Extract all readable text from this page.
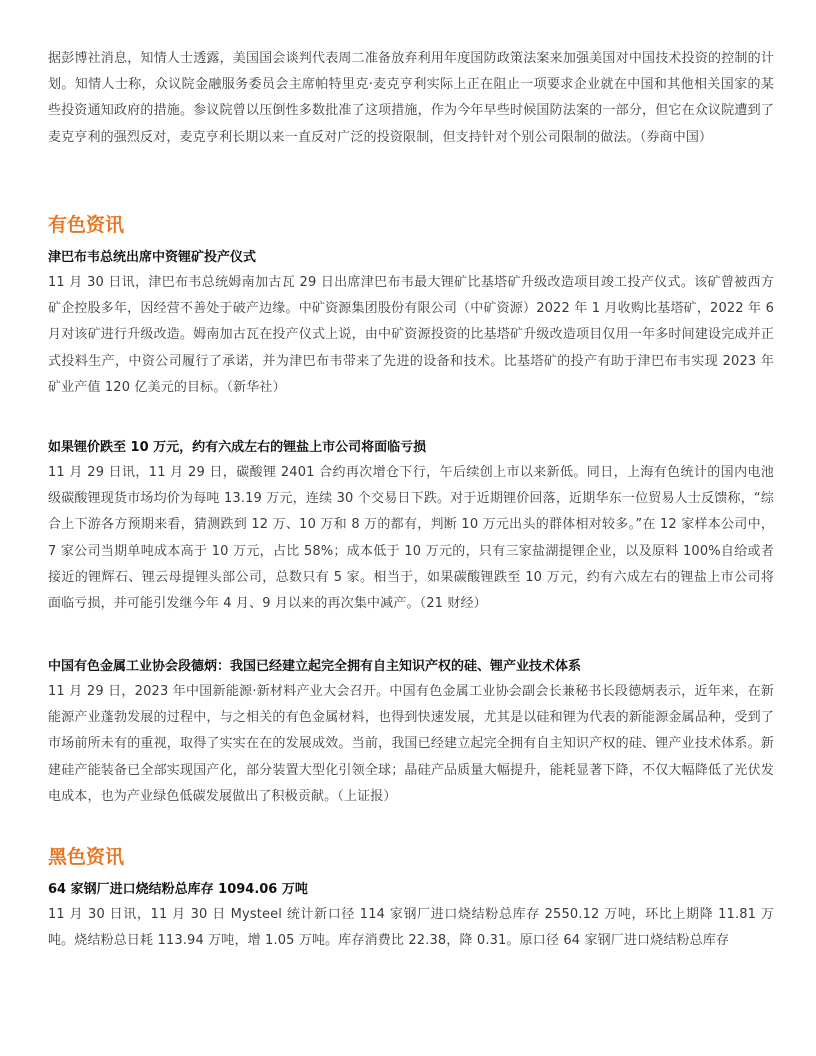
据彭博社消息，知情人士透露，美国国会谈判代表周二准备放弃利用年度国防政策法案来加强美国对中国技术投资的控制的计划。知情人士称，众议院金融服务委员会主席帕特里克·麦克亨利实际上正在阻止一项要求企业就在中国和其他相关国家的某些投资通知政府的措施。参议院曾以压倒性多数批准了这项措施，作为今年早些时候国防法案的一部分，但它在众议院遭到了麦克亨利的强烈反对，麦克亨利长期以来一直反对广泛的投资限制，但支持针对个别公司限制的做法。（券商中国）

有色资讯
津巴布韦总统出席中资锂矿投产仪式

11 月 30 日讯，津巴布韦总统姆南加古瓦 29 日出席津巴布韦最大锂矿比基塔矿升级改造项目竣工投产仪式。该矿曾被西方矿企控股多年，因经营不善处于破产边缘。中矿资源集团股份有限公司（中矿资源）2022 年 1 月收购比基塔矿，2022 年 6 月对该矿进行升级改造。姆南加古瓦在投产仪式上说，由中矿资源投资的比基塔矿升级改造项目仅用一年多时间建设完成并正式投料生产，中资公司履行了承诺，并为津巴布韦带来了先进的设备和技术。比基塔矿的投产有助于津巴布韦实现 2023 年矿业产值 120 亿美元的目标。（新华社）

如果锂价跌至 10 万元，约有六成左右的锂盐上市公司将面临亏损

11 月 29 日讯，11 月 29 日，碳酸锂 2401 合约再次增仓下行，午后续创上市以来新低。同日，上海有色统计的国内电池级碳酸锂现货市场均价为每吨 13.19 万元，连续 30 个交易日下跌。对于近期锂价回落，近期华东一位贸易人士反馈称，“综合上下游各方预期来看，猜测跌到 12 万、10 万和 8 万的都有，判断 10 万元出头的群体相对较多。”在 12 家样本公司中，7 家公司当期单吨成本高于 10 万元，占比 58%；成本低于 10 万元的，只有三家盐湖提锂企业，以及原料 100%自给或者接近的锂辉石、锂云母提锂头部公司，总数只有 5 家。相当于，如果碳酸锂跌至 10 万元，约有六成左右的锂盐上市公司将面临亏损，并可能引发继今年 4 月、9 月以来的再次集中减产。（21 财经）

中国有色金属工业协会段德炳：我国已经建立起完全拥有自主知识产权的硅、锂产业技术体系

11 月 29 日，2023 年中国新能源·新材料产业大会召开。中国有色金属工业协会副会长兼秘书长段德炳表示，近年来，在新能源产业蓬勃发展的过程中，与之相关的有色金属材料，也得到快速发展，尤其是以硅和锂为代表的新能源金属品种，受到了市场前所未有的重视，取得了实实在在的发展成效。当前，我国已经建立起完全拥有自主知识产权的硅、锂产业技术体系。新建硅产能装备已全部实现国产化，部分装置大型化引领全球；晶硅产品质量大幅提升，能耗显著下降，不仅大幅降低了光伏发电成本，也为产业绿色低碳发展做出了积极贡献。（上证报）

黑色资讯
64 家钢厂进口烧结粉总库存 1094.06 万吨

11 月 30 日讯，11 月 30 日 Mysteel 统计新口径 114 家钢厂进口烧结粉总库存 2550.12 万吨，环比上期降 11.81 万吨。烧结粉总日耗 113.94 万吨，增 1.05 万吨。库存消费比 22.38，降 0.31。原口径 64 家钢厂进口烧结粉总库存
